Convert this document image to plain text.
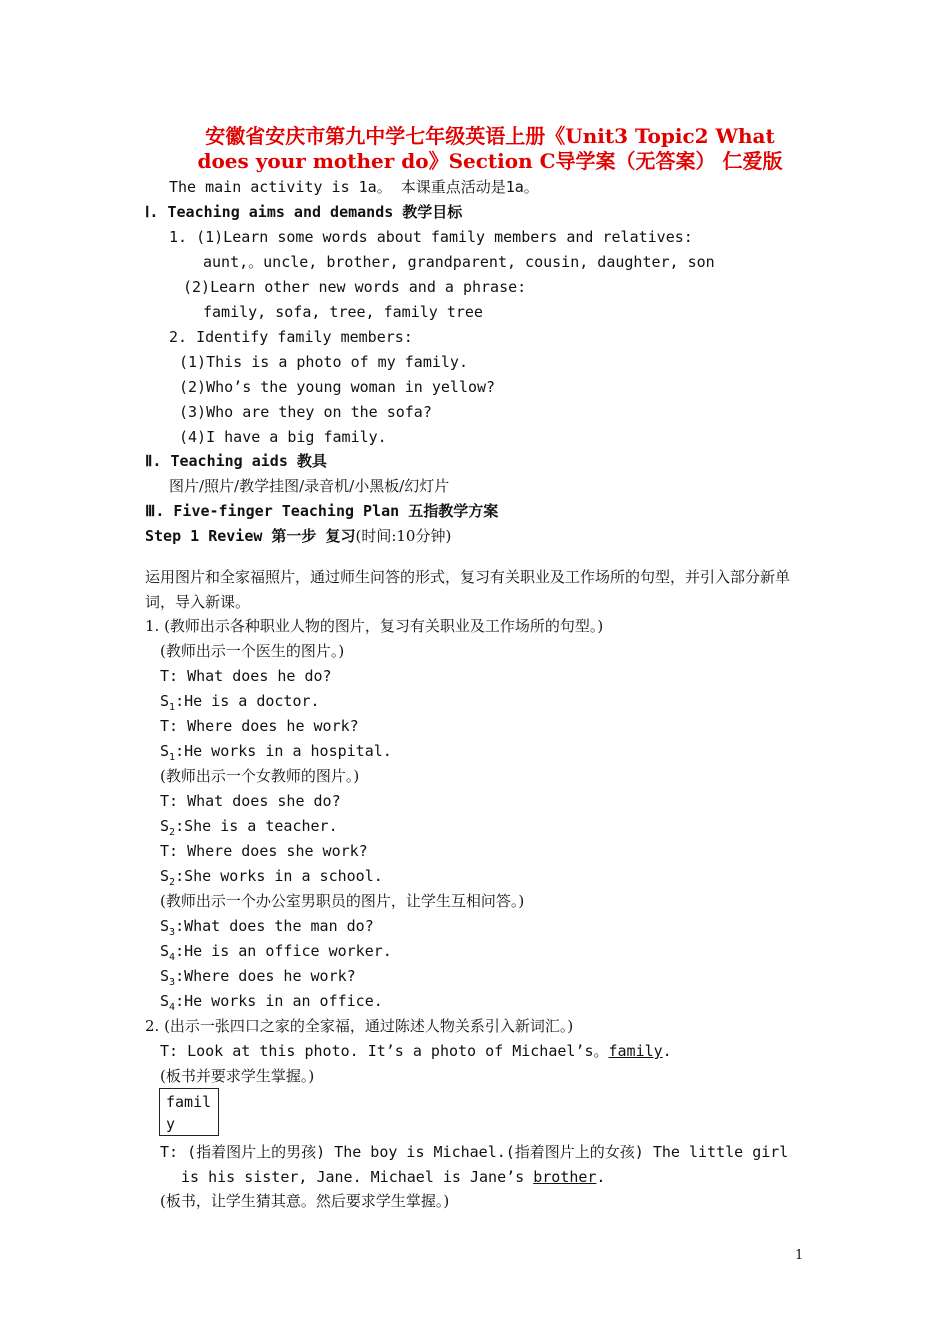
安徽省安庆市第九中学七年级英语上册《Unit3 Topic2 What
does your mother do》Section C导学案（无答案） 仁爱版
The main activity is 1a。 本课重点活动是1a。
Ⅰ. Teaching aims and demands 教学目标
1. (1)Learn some words about family members and relatives:
aunt,。uncle, brother, grandparent, cousin, daughter, son
(2)Learn other new words and a phrase:
family, sofa, tree, family tree
2. Identify family members:
(1)This is a photo of my family.
(2)Who’s the young woman in yellow?
(3)Who are they on the sofa?
(4)I have a big family.
Ⅱ. Teaching aids 教具
图片/照片/教学挂图/录音机/小黑板/幻灯片
Ⅲ. Five-finger Teaching Plan 五指教学方案
Step 1 Review 第一步 复习(时间:10分钟)
运用图片和全家福照片，通过师生问答的形式，复习有关职业及工作场所的句型，并引入部分新单词，导入新课。
1. (教师出示各种职业人物的图片，复习有关职业及工作场所的句型。)
(教师出示一个医生的图片。)
T: What does he do?
$S_1:He$ is a doctor.
T: Where does he work?
$S_1:He$ works in a hospital.
(教师出示一个女教师的图片。)
T: What does she do?
$S_2:She$ is a teacher.
T: Where does she work?
$S_2:She$ works in a school.
(教师出示一个办公室男职员的图片，让学生互相问答。)
$S_3:What$ does the man do?
$S_4:He$ is an office worker.
$S_3:Where$ does he work?
$S_4:He$ works in an office.
2. (出示一张四口之家的全家福，通过陈述人物关系引入新词汇。)
T: Look at this photo. It’s a photo of Michael’s。family.
(板书并要求学生掌握。)
famil
y
T: (指着图片上的男孩) The boy is Michael.(指着图片上的女孩) The little girl
is his sister, Jane. Michael is Jane’s brother.
(板书，让学生猜其意。然后要求学生掌握。)
1
